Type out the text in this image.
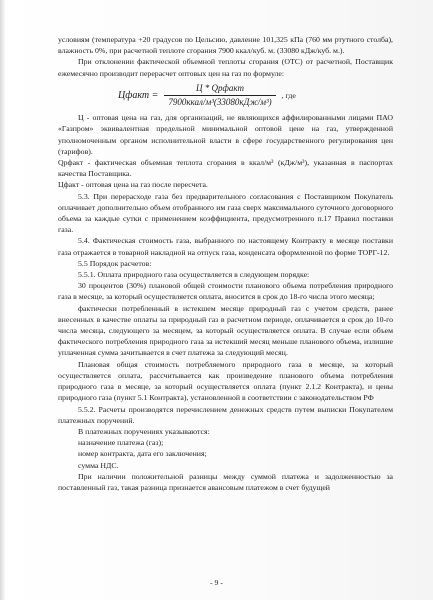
условиям (температура +20 градусов по Цельсию, давление 101,325 кПа (760 мм ртутного столба), влажность 0%, при расчетной теплоте сгорания 7900 ккал/куб. м. (33080 кДж/куб. м.).

При отклонении фактической объемной теплоты сгорания (ОТС) от расчетной, Поставщик ежемесячно производит перерасчет оптовых цен на газ по формуле:

Цфакт = $\frac{\text{Ц * Qрфакт}}{\text{7900ккал/м³(33080кДж/м³)}}$ , где

Ц - оптовая цена на газ, для организаций, не являющихся аффилированными лицами ПАО «Газпром» эквивалентная предельной минимальной оптовой цене на газ, утвержденной уполномоченным органом исполнительной власти в сфере государственного регулирования цен (тарифов).

Qрфакт - фактическая объемная теплота сгорания в ккал/м³ (кДж/м³), указанная в паспортах качества Поставщика.

Цфакт - оптовая цена на газ после пересчета.

5.3. При перерасходе газа без предварительного согласования с Поставщиком Покупатель оплачивает дополнительно объем отобранного им газа сверх максимального суточного договорного объема за каждые сутки с применением коэффициента, предусмотренного п.17 Правил поставки газа.

5.4. Фактическая стоимость газа, выбранного по настоящему Контракту в месяце поставки газа отражается в товарной накладной на отпуск газа, конденсата оформленной по форме ТОРГ-12.

5.5 Порядок расчетов:

5.5.1. Оплата природного газа осуществляется в следующем порядке:

30 процентов (30%) плановой общей стоимости планового объема потребления природного газа в месяце, за который осуществляется оплата, вносится в срок до 18-го числа этого месяца;

фактически потребленный в истекшем месяце природный газ с учетом средств, ранее внесенных в качестве оплаты за природный газ в расчетном периоде, оплачивается в срок до 10-го числа месяца, следующего за месяцем, за который осуществляется оплата. В случае если объем фактического потребления природного газа за истекший месяц меньше планового объема, излишне уплаченная сумма зачитывается в счет платежа за следующий месяц.

Плановая общая стоимость потребляемого природного газа в месяце, за который осуществляется оплата, рассчитывается как произведение планового объема потребления природного газа в месяце, за который осуществляется оплата (пункт 2.1.2 Контракта), и цены природного газа (пункт 5.1 Контракта), установленной в соответствии с законодательством РФ

5.5.2. Расчеты производятся перечислением денежных средств путем выписки Покупателем платежных поручений.

В платежных поручениях указываются:

назначение платежа (газ);

номер контракта, дата его заключения;

сумма НДС.

При наличии положительной разницы между суммой платежа и задолженностью за поставленный газ, такая разница признается авансовым платежом в счет будущей

- 9 -
